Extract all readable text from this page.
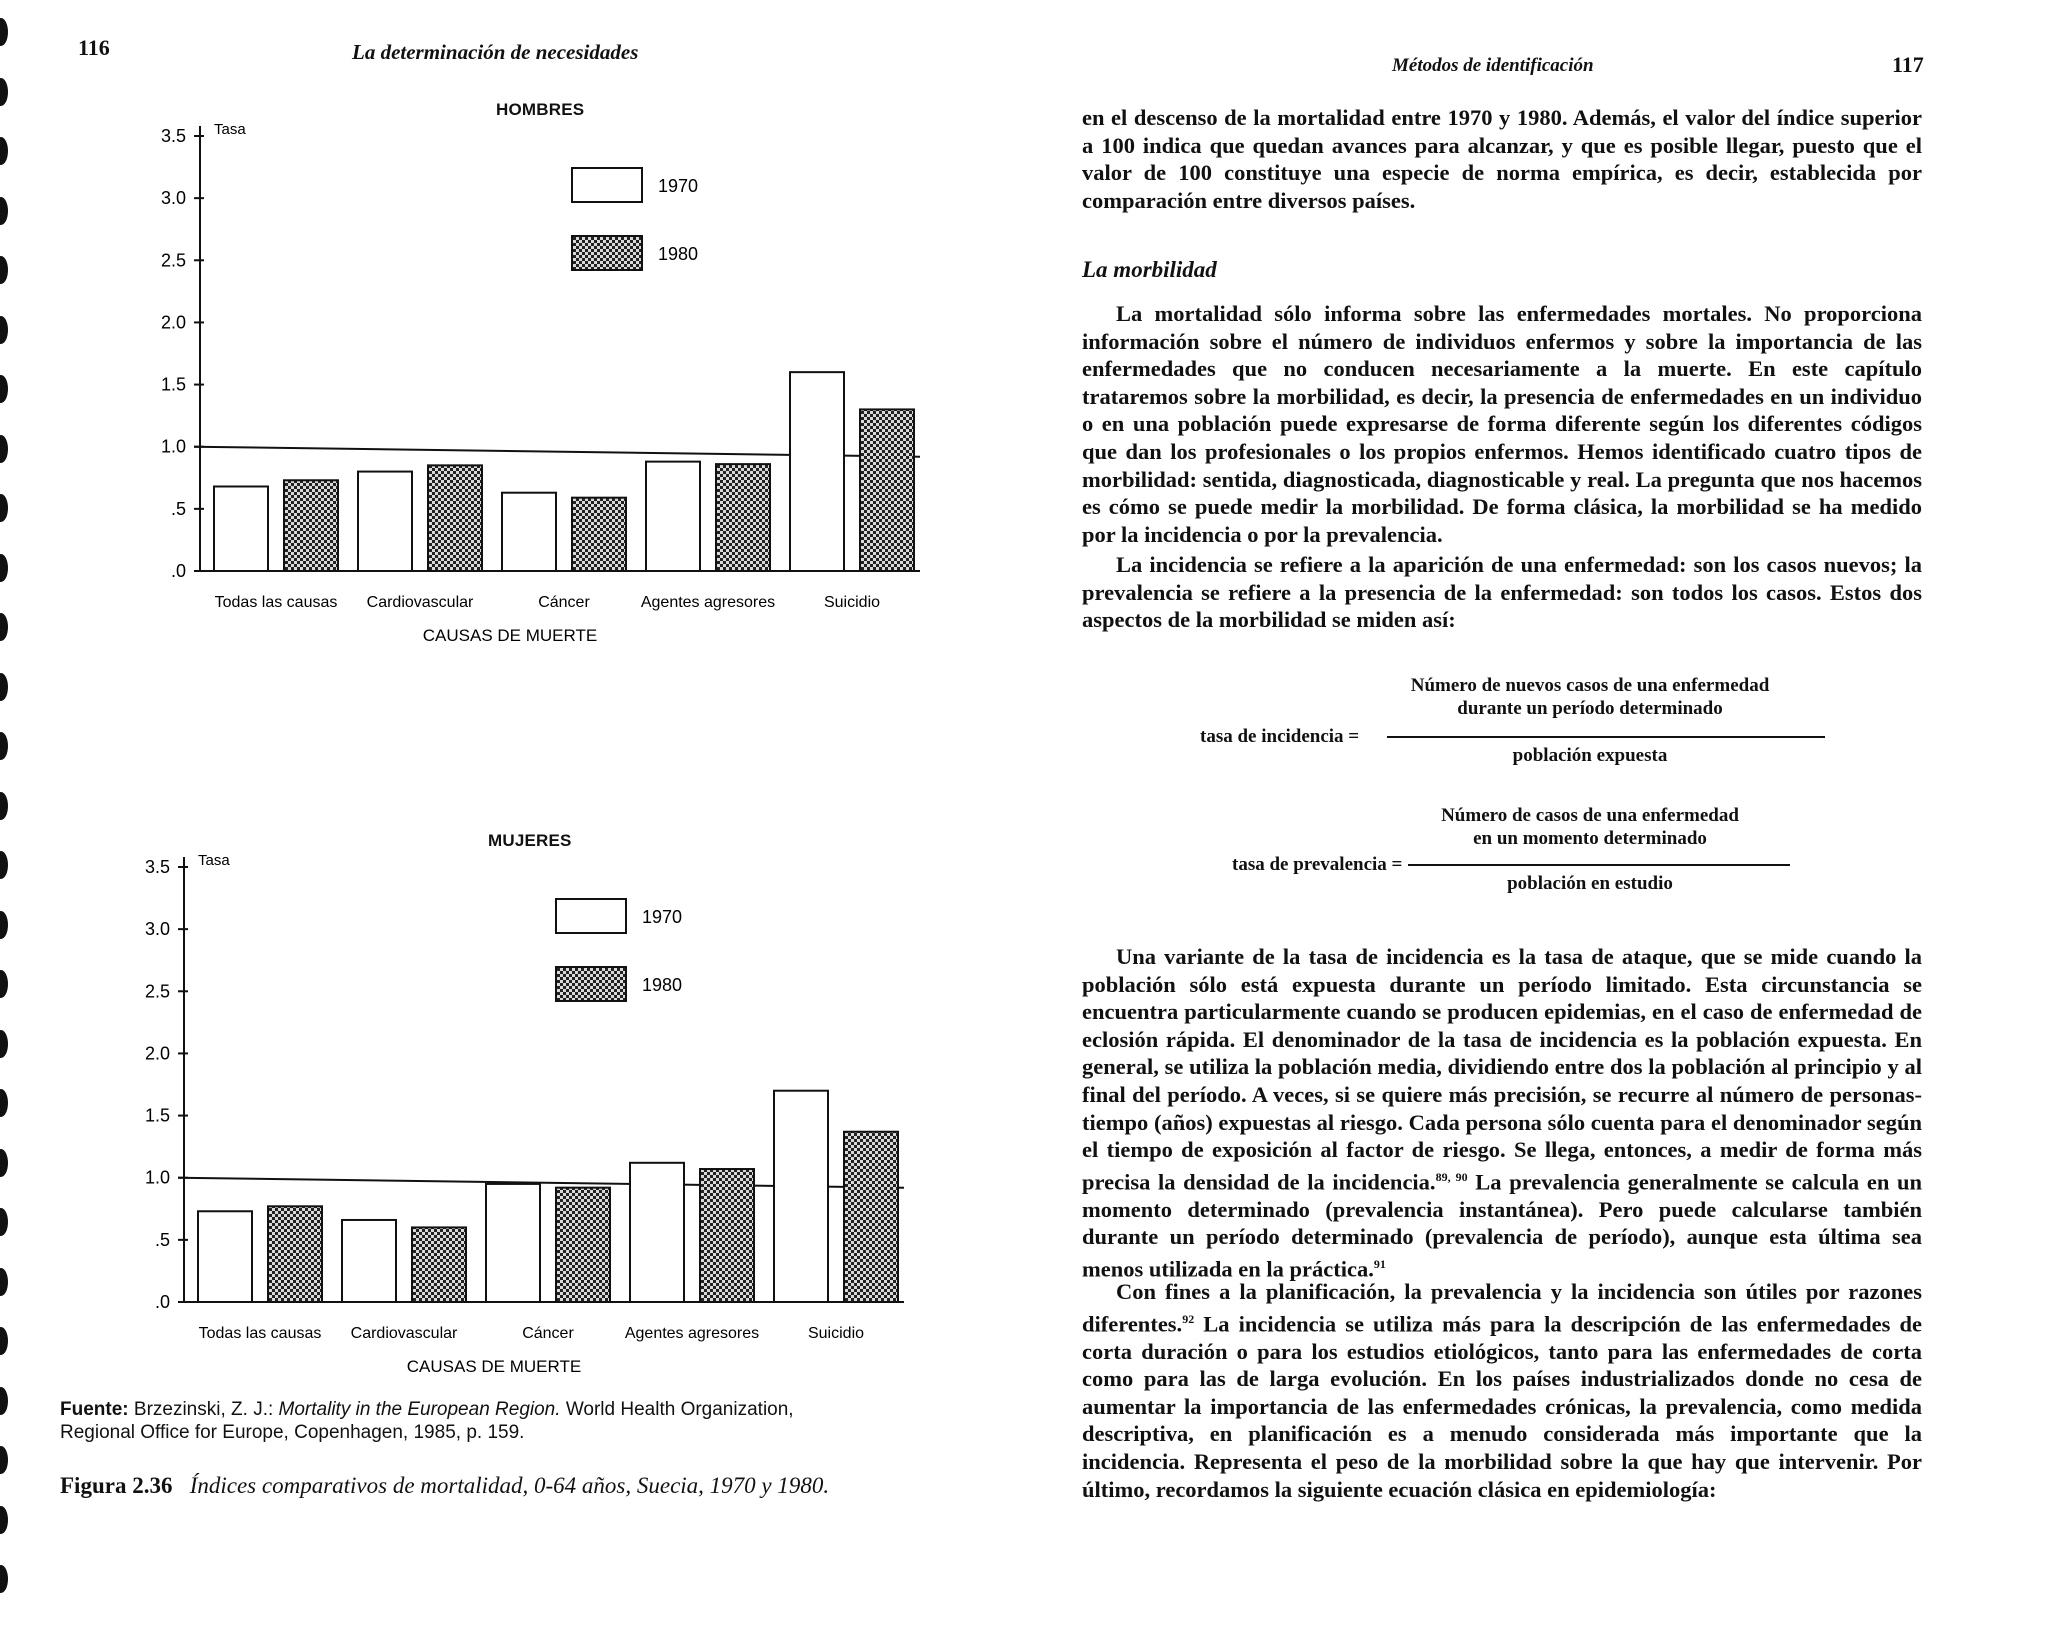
116	La determinación de necesidades
HOMBRES
.0
.5
1.0
1.5
2.0
2.5
3.0
3.5 Tasa
Todas las causas Cardiovascular	Cáncer	Agentes agresores	Suicidio
CAUSAS DE MUERTE
1970
1980
MUJERES
.0
.5
1.0
1.5
2.0
2.5
3.0
3.5 Tasa
Todas las causas Cardiovascular	Cáncer	Agentes agresores	Suicidio
CAUSAS DE MUERTE
1970
1980
Fuente: Brzezinski, Z. J.: Mortality in the European Region. World Health Organization,
Regional Office for Europe, Copenhagen, 1985, p. 159.
Figura 2.36 Índices comparativos de mortalidad, 0-64 años, Suecia, 1970 y 1980.
Métodos de identificación	117
en el descenso de la mortalidad entre 1970 y 1980. Además, el valor del índice superior a 100 indica que quedan avances para alcanzar, y que es posible llegar, puesto que el valor de 100 constituye una especie de norma empírica, es decir, establecida por comparación entre diversos países.
La morbilidad
La mortalidad sólo informa sobre las enfermedades mortales. No proporciona información sobre el número de individuos enfermos y sobre la importancia de las enfermedades que no conducen necesariamente a la muerte. En este capítulo trataremos sobre la morbilidad, es decir, la presencia de enfermedades en un individuo o en una población puede expresarse de forma diferente según los diferentes códigos que dan los profesionales o los propios enfermos. Hemos identificado cuatro tipos de morbilidad: sentida, diagnosticada, diagnosticable y real. La pregunta que nos hacemos es cómo se puede medir la morbilidad. De forma clásica, la morbilidad se ha medido por la incidencia o por la prevalencia.
La incidencia se refiere a la aparición de una enfermedad: son los casos nuevos; la prevalencia se refiere a la presencia de la enfermedad: son todos los casos. Estos dos aspectos de la morbilidad se miden así:
tasa de incidencia =
Número de nuevos casos de una enfermedad
durante un período determinado
población expuesta
tasa de prevalencia =
Número de casos de una enfermedad
en un momento determinado
población en estudio
Una variante de la tasa de incidencia es la tasa de ataque, que se mide cuando la población sólo está expuesta durante un período limitado. Esta circunstancia se encuentra particularmente cuando se producen epidemias, en el caso de enfermedad de eclosión rápida. El denominador de la tasa de incidencia es la población expuesta. En general, se utiliza la población media, dividiendo entre dos la población al principio y al final del período. A veces, si se quiere más precisión, se recurre al número de personas-tiempo (años) expuestas al riesgo. Cada persona sólo cuenta para el denominador según el tiempo de exposición al factor de riesgo. Se llega, entonces, a medir de forma más precisa la densidad de la incidencia.$^{89, 90}$ La prevalencia generalmente se calcula en un momento determinado (prevalencia instantánea). Pero puede calcularse también durante un período determinado (prevalencia de período), aunque esta última sea menos utilizada en la práctica.$^{91}$
Con fines a la planificación, la prevalencia y la incidencia son útiles por razones diferentes.$^{92}$ La incidencia se utiliza más para la descripción de las enfermedades de corta duración o para los estudios etiológicos, tanto para las enfermedades de corta como para las de larga evolución. En los países industrializados donde no cesa de aumentar la importancia de las enfermedades crónicas, la prevalencia, como medida descriptiva, en planificación es a menudo considerada más importante que la incidencia. Representa el peso de la morbilidad sobre la que hay que intervenir. Por último, recordamos la siguiente ecuación clásica en epidemiología:
